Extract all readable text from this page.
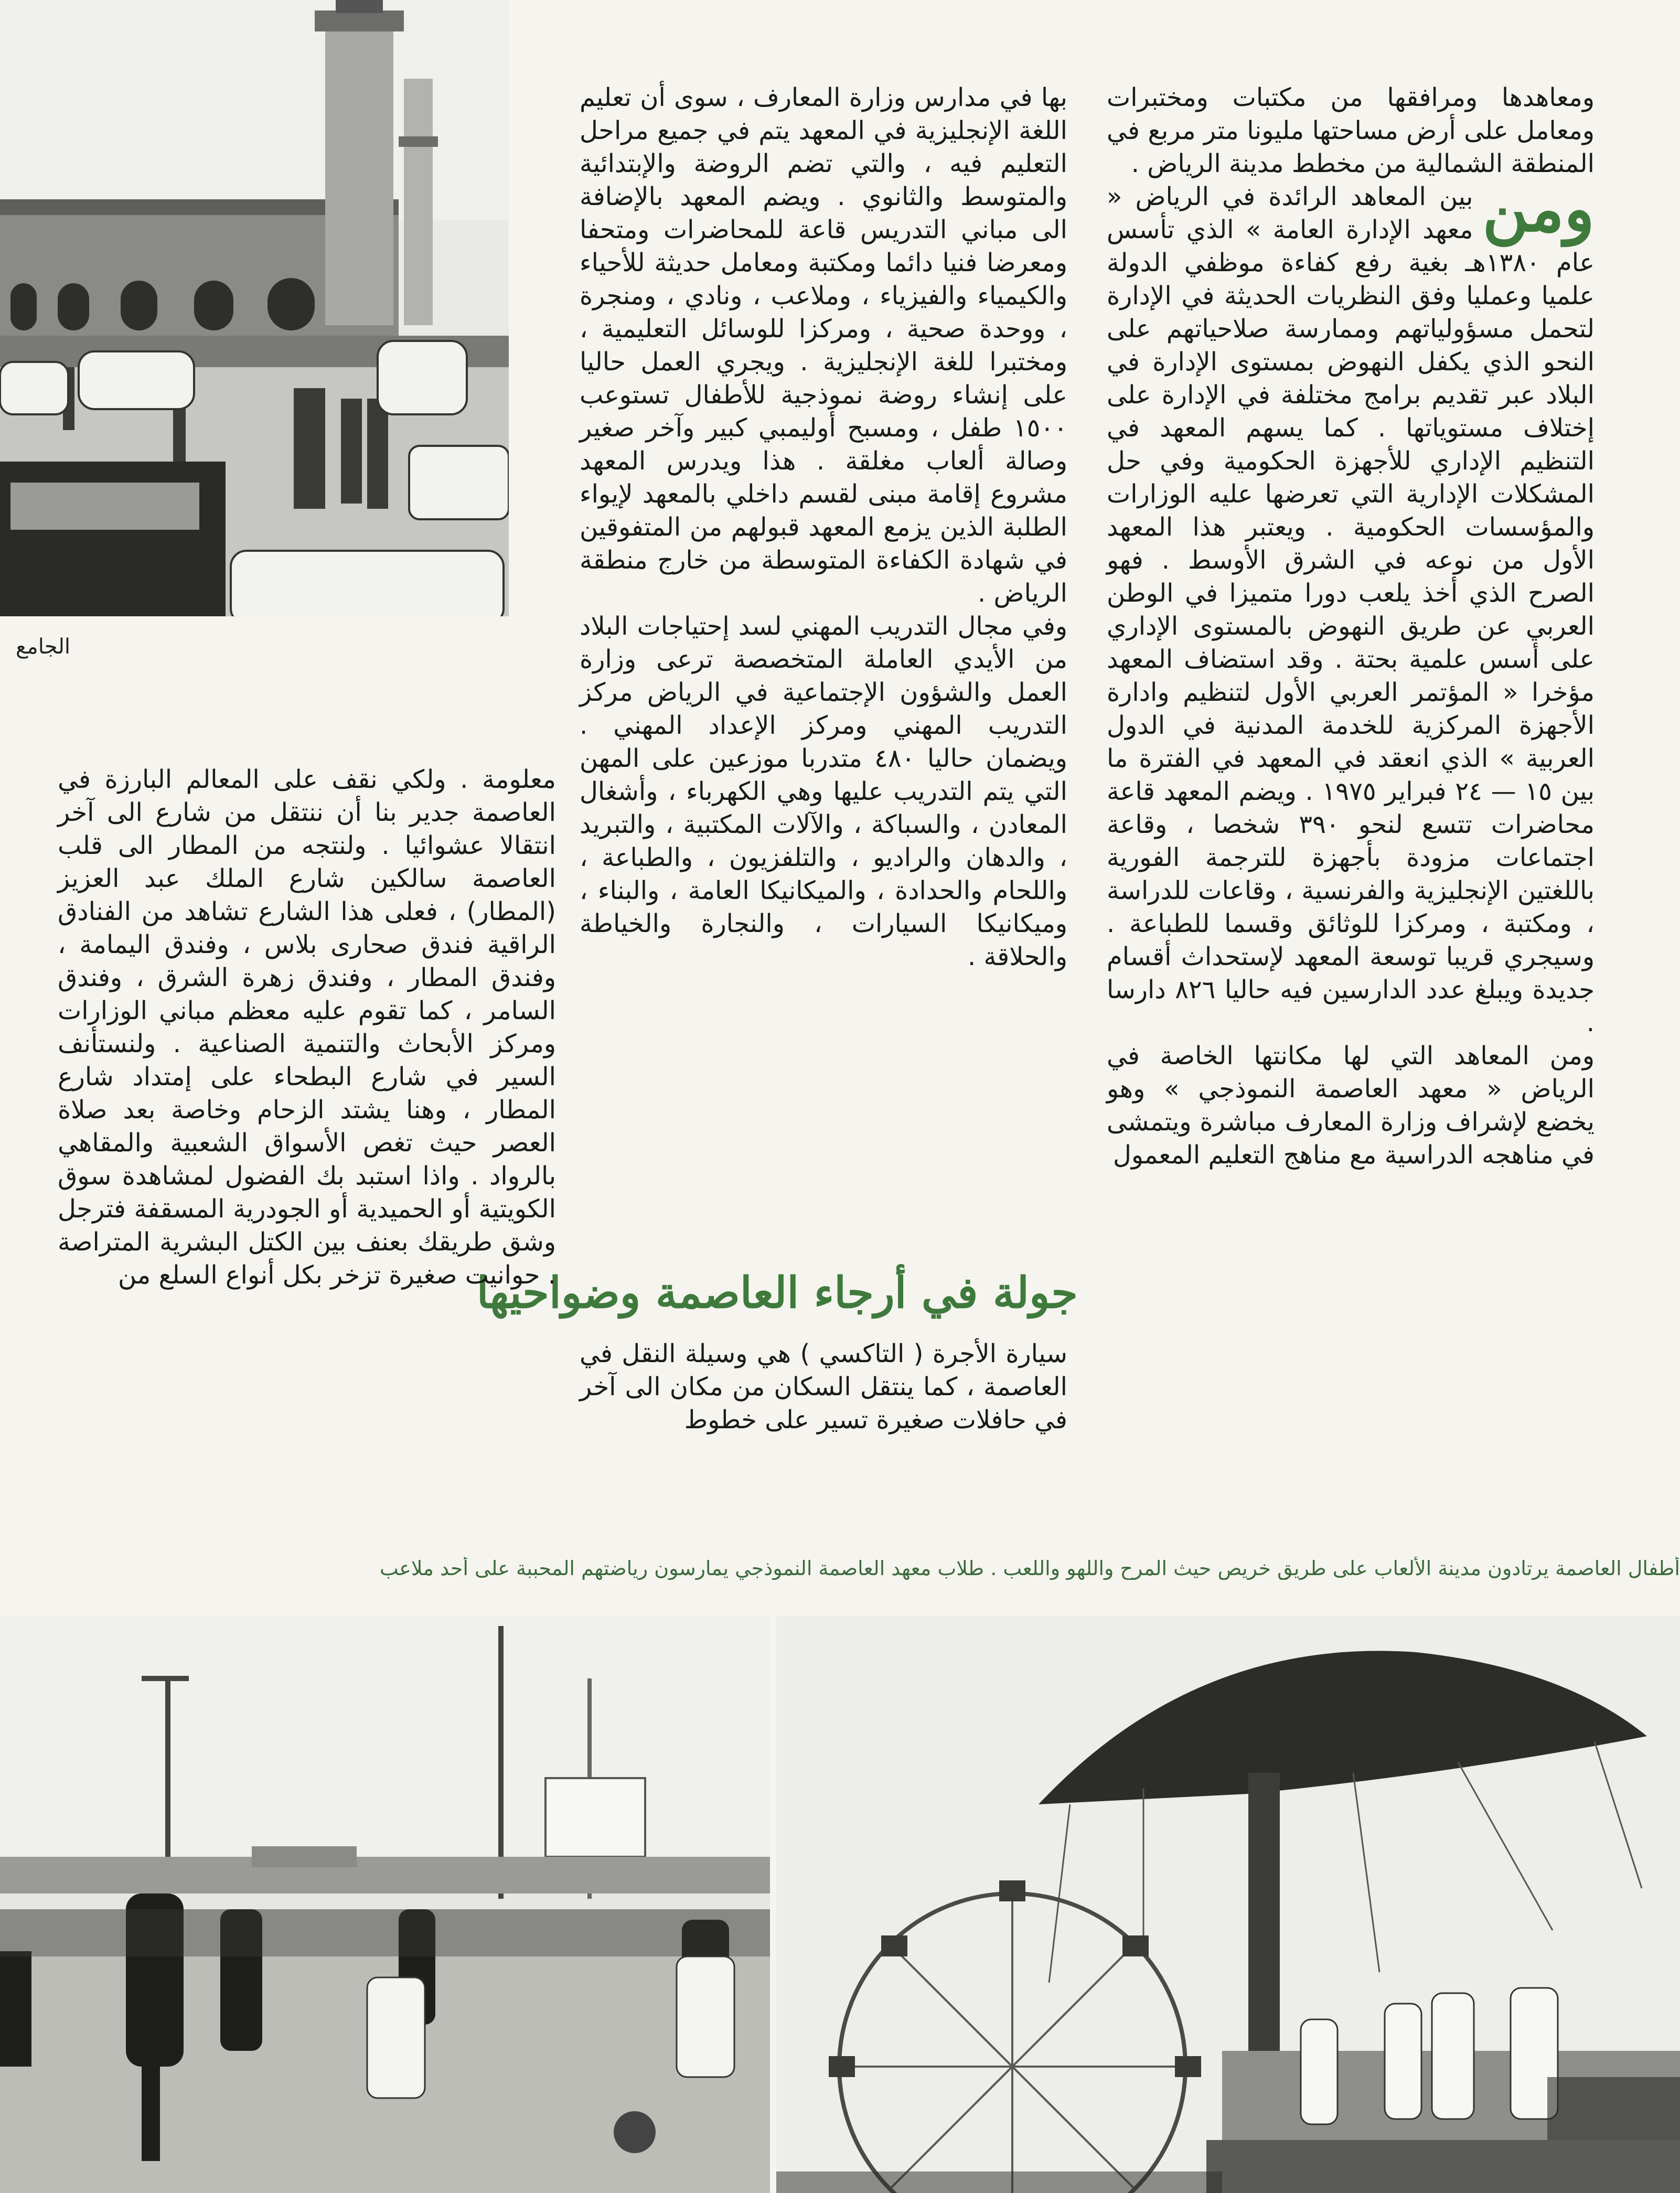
الجامع

ومعاهدها ومرافقها من مكتبات ومختبرات ومعامل على أرض مساحتها مليونا متر مربع في المنطقة الشمالية من مخطط مدينة الرياض .

ومن
بين المعاهد الرائدة في الرياض « معهد الإدارة العامة » الذي تأسس عام ١٣٨٠هـ بغية رفع كفاءة موظفي الدولة علميا وعمليا وفق النظريات الحديثة في الإدارة لتحمل مسؤولياتهم وممارسة صلاحياتهم على النحو الذي يكفل النهوض بمستوى الإدارة في البلاد عبر تقديم برامج مختلفة في الإدارة على إختلاف مستوياتها . كما يسهم المعهد في التنظيم الإداري للأجهزة الحكومية وفي حل المشكلات الإدارية التي تعرضها عليه الوزارات والمؤسسات الحكومية . ويعتبر هذا المعهد الأول من نوعه في الشرق الأوسط . فهو الصرح الذي أخذ يلعب دورا متميزا في الوطن العربي عن طريق النهوض بالمستوى الإداري على أسس علمية بحتة . وقد استضاف المعهد مؤخرا « المؤتمر العربي الأول لتنظيم وادارة الأجهزة المركزية للخدمة المدنية في الدول العربية » الذي انعقد في المعهد في الفترة ما بين ١٥ — ٢٤ فبراير ١٩٧٥ . ويضم المعهد قاعة محاضرات تتسع لنحو ٣٩٠ شخصا ، وقاعة اجتماعات مزودة بأجهزة للترجمة الفورية باللغتين الإنجليزية والفرنسية ، وقاعات للدراسة ، ومكتبة ، ومركزا للوثائق وقسما للطباعة . وسيجري قريبا توسعة المعهد لإستحداث أقسام جديدة ويبلغ عدد الدارسين فيه حاليا ٨٢٦ دارسا .

ومن المعاهد التي لها مكانتها الخاصة في الرياض « معهد العاصمة النموذجي » وهو يخضع لإشراف وزارة المعارف مباشرة ويتمشى في مناهجه الدراسية مع مناهج التعليم المعمول

بها في مدارس وزارة المعارف ، سوى أن تعليم اللغة الإنجليزية في المعهد يتم في جميع مراحل التعليم فيه ، والتي تضم الروضة والإبتدائية والمتوسط والثانوي . ويضم المعهد بالإضافة الى مباني التدريس قاعة للمحاضرات ومتحفا ومعرضا فنيا دائما ومكتبة ومعامل حديثة للأحياء والكيمياء والفيزياء ، وملاعب ، ونادي ، ومنجرة ، ووحدة صحية ، ومركزا للوسائل التعليمية ، ومختبرا للغة الإنجليزية . ويجري العمل حاليا على إنشاء روضة نموذجية للأطفال تستوعب ١٥٠٠ طفل ، ومسبح أوليمبي كبير وآخر صغير وصالة ألعاب مغلقة . هذا ويدرس المعهد مشروع إقامة مبنى لقسم داخلي بالمعهد لإيواء الطلبة الذين يزمع المعهد قبولهم من المتفوقين في شهادة الكفاءة المتوسطة من خارج منطقة الرياض .

وفي مجال التدريب المهني لسد إحتياجات البلاد من الأيدي العاملة المتخصصة ترعى وزارة العمل والشؤون الإجتماعية في الرياض مركز التدريب المهني ومركز الإعداد المهني . ويضمان حاليا ٤٨٠ متدربا موزعين على المهن التي يتم التدريب عليها وهي الكهرباء ، وأشغال المعادن ، والسباكة ، والآلات المكتبية ، والتبريد ، والدهان والراديو ، والتلفزيون ، والطباعة ، واللحام والحدادة ، والميكانيكا العامة ، والبناء ، وميكانيكا السيارات ، والنجارة والخياطة والحلاقة .

جولة في أرجاء العاصمة وضواحيها

سيارة الأجرة ( التاكسي ) هي وسيلة النقل في العاصمة ، كما ينتقل السكان من مكان الى آخر في حافلات صغيرة تسير على خطوط

معلومة . ولكي نقف على المعالم البارزة في العاصمة جدير بنا أن ننتقل من شارع الى آخر انتقالا عشوائيا . ولنتجه من المطار الى قلب العاصمة سالكين شارع الملك عبد العزيز (المطار) ، فعلى هذا الشارع تشاهد من الفنادق الراقية فندق صحارى بلاس ، وفندق اليمامة ، وفندق المطار ، وفندق زهرة الشرق ، وفندق السامر ، كما تقوم عليه معظم مباني الوزارات ومركز الأبحاث والتنمية الصناعية . ولنستأنف السير في شارع البطحاء على إمتداد شارع المطار ، وهنا يشتد الزحام وخاصة بعد صلاة العصر حيث تغص الأسواق الشعبية والمقاهي بالرواد . واذا استبد بك الفضول لمشاهدة سوق الكويتية أو الحميدية أو الجودرية المسقفة فترجل وشق طريقك بعنف بين الكتل البشرية المتراصة . حوانيت صغيرة تزخر بكل أنواع السلع من

أطفال العاصمة يرتادون مدينة الألعاب على طريق خريص حيث المرح واللهو واللعب . طلاب معهد العاصمة النموذجي يمارسون رياضتهم المحببة على أحد ملاعب
